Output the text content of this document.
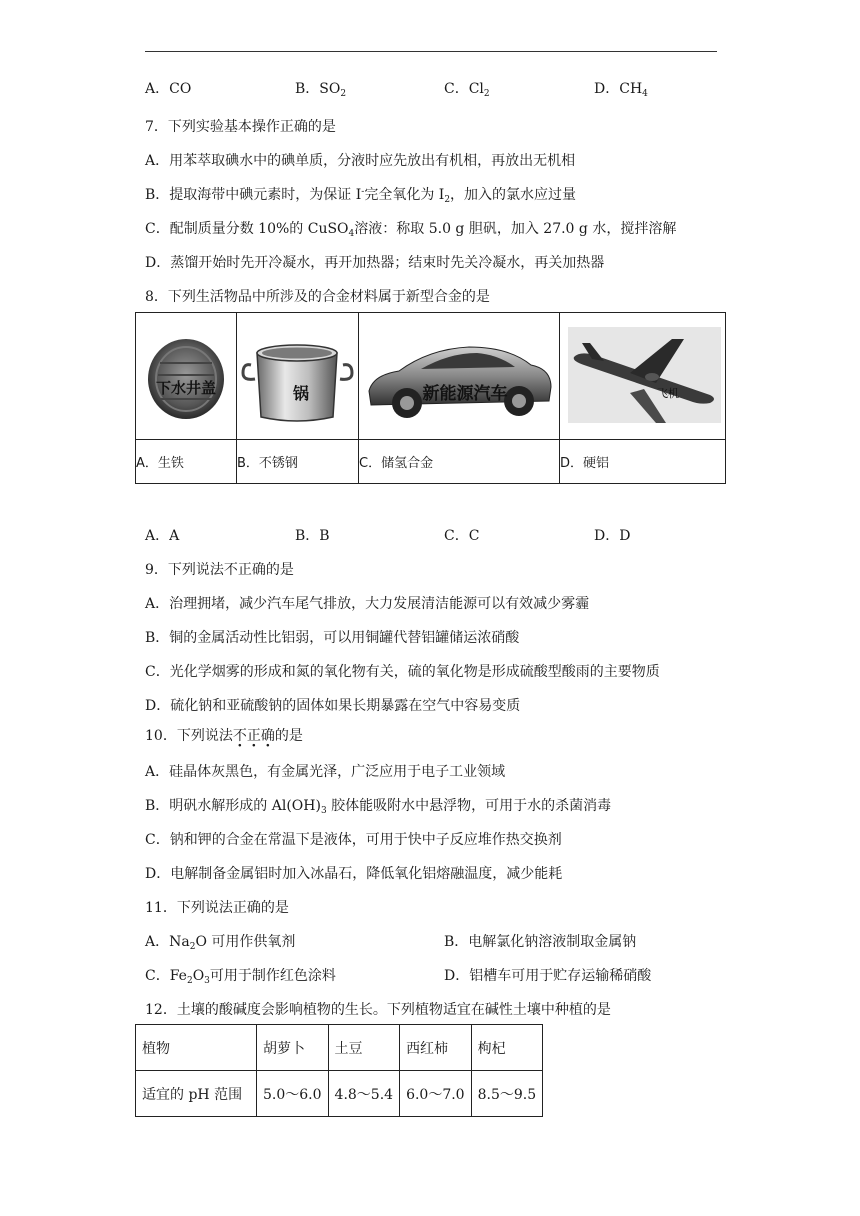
A．CO	B．$SO_2$	C．$Cl_2$	D．$CH_4$
7．下列实验基本操作正确的是
A．用苯萃取碘水中的碘单质，分液时应先放出有机相，再放出无机相
B．提取海带中碘元素时，为保证 I-完全氧化为 $I_2$，加入的氯水应过量
C．配制质量分数 10%的 CuSO$_4$溶液：称取 5.0 g 胆矾，加入 27.0 g 水，搅拌溶解
D．蒸馏开始时先开冷凝水，再开加热器；结束时先关冷凝水，再关加热器
8．下列生活物品中所涉及的合金材料属于新型合金的是
下水井盖	锅	新能源汽车	飞机

A．生铁	B．不锈钢	C．储氢合金	D．硬铝
A．A	B．B	C．C	D．D
9．下列说法不正确的是
A．治理拥堵，减少汽车尾气排放，大力发展清洁能源可以有效减少雾霾
B．铜的金属活动性比铝弱，可以用铜罐代替铝罐储运浓硝酸
C．光化学烟雾的形成和氮的氧化物有关，硫的氧化物是形成硫酸型酸雨的主要物质
D．硫化钠和亚硫酸钠的固体如果长期暴露在空气中容易变质
10．下列说法不正确的是
A．硅晶体灰黑色，有金属光泽，广泛应用于电子工业领域
B．明矾水解形成的 $Al(OH)_3$ 胶体能吸附水中悬浮物，可用于水的杀菌消毒
C．钠和钾的合金在常温下是液体，可用于快中子反应堆作热交换剂
D．电解制备金属铝时加入冰晶石，降低氧化铝熔融温度，减少能耗
11．下列说法正确的是
A．$Na_2O$ 可用作供氧剂	B．电解氯化钠溶液制取金属钠
C．$Fe_2O_3$可用于制作红色涂料	D．铝槽车可用于贮存运输稀硝酸
12．土壤的酸碱度会影响植物的生长。下列植物适宜在碱性土壤中种植的是
植物	胡萝卜	土豆	西红柿	枸杞
适宜的 pH 范围	5.0～6.0	4.8～5.4	6.0～7.0	8.5～9.5
